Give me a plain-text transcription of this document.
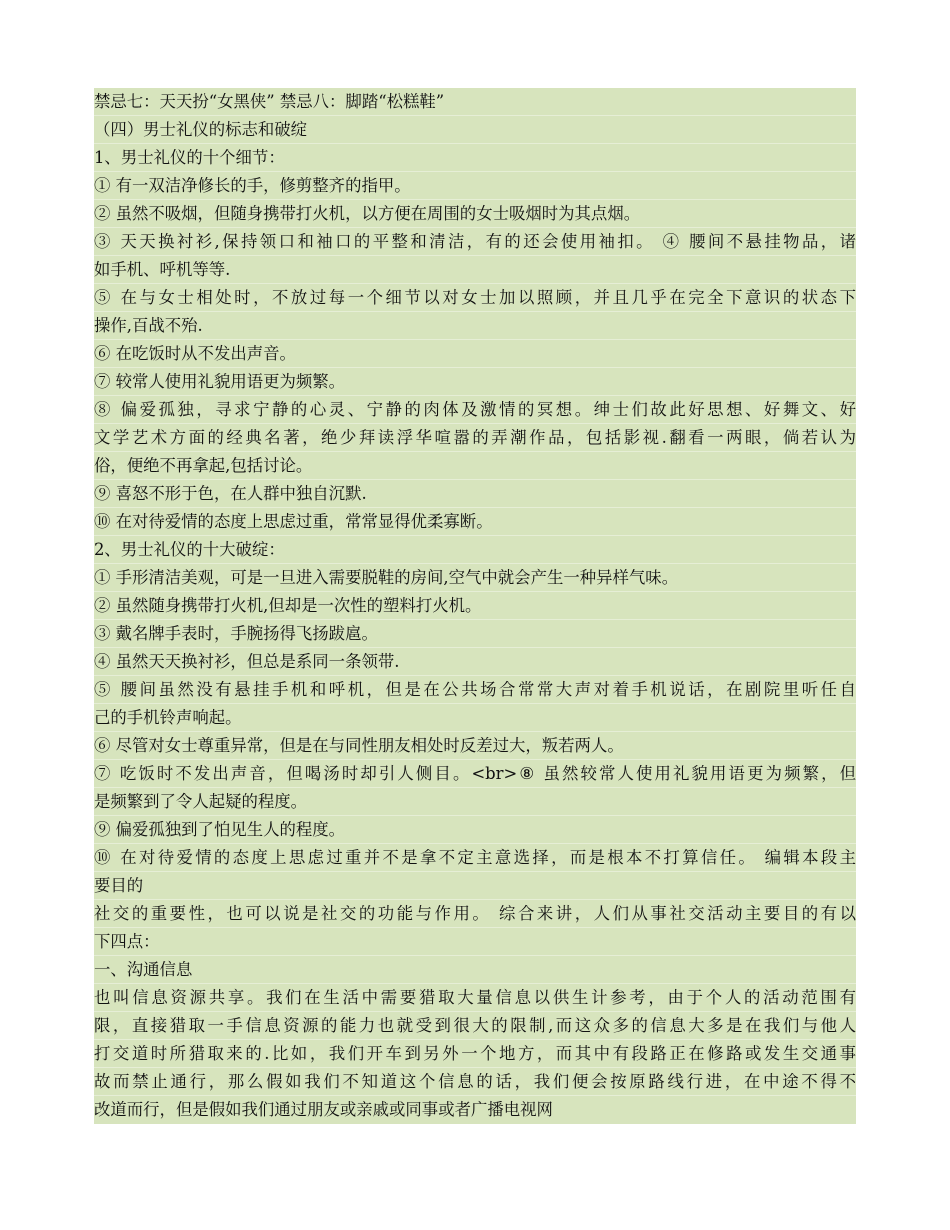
禁忌七：天天扮“女黑侠” 禁忌八：脚踏“松糕鞋”
（四）男士礼仪的标志和破绽
1、男士礼仪的十个细节：
① 有一双洁净修长的手，修剪整齐的指甲。
② 虽然不吸烟，但随身携带打火机，以方便在周围的女士吸烟时为其点烟。
③ 天天换衬衫,保持领口和袖口的平整和清洁，有的还会使用袖扣。 ④ 腰间不悬挂物品，诸
如手机、呼机等等.
⑤ 在与女士相处时，不放过每一个细节以对女士加以照顾，并且几乎在完全下意识的状态下
操作,百战不殆.
⑥ 在吃饭时从不发出声音。
⑦ 较常人使用礼貌用语更为频繁。
⑧ 偏爱孤独，寻求宁静的心灵、宁静的肉体及激情的冥想。绅士们故此好思想、好舞文、好
文学艺术方面的经典名著，绝少拜读浮华喧嚣的弄潮作品，包括影视.翻看一两眼，倘若认为
俗，便绝不再拿起,包括讨论。
⑨ 喜怒不形于色，在人群中独自沉默.
⑩ 在对待爱情的态度上思虑过重，常常显得优柔寡断。
2、男士礼仪的十大破绽：
① 手形清洁美观，可是一旦进入需要脱鞋的房间,空气中就会产生一种异样气味。
② 虽然随身携带打火机,但却是一次性的塑料打火机。
③ 戴名牌手表时，手腕扬得飞扬跋扈。
④ 虽然天天换衬衫，但总是系同一条领带.
⑤ 腰间虽然没有悬挂手机和呼机，但是在公共场合常常大声对着手机说话，在剧院里听任自
己的手机铃声响起。
⑥ 尽管对女士尊重异常，但是在与同性朋友相处时反差过大，叛若两人。
⑦ 吃饭时不发出声音，但喝汤时却引人侧目。<br>⑧ 虽然较常人使用礼貌用语更为频繁，但
是频繁到了令人起疑的程度。
⑨ 偏爱孤独到了怕见生人的程度。
⑩ 在对待爱情的态度上思虑过重并不是拿不定主意选择，而是根本不打算信任。 编辑本段主
要目的
社交的重要性，也可以说是社交的功能与作用。 综合来讲，人们从事社交活动主要目的有以
下四点：
一、沟通信息
也叫信息资源共享。我们在生活中需要猎取大量信息以供生计参考，由于个人的活动范围有
限，直接猎取一手信息资源的能力也就受到很大的限制,而这众多的信息大多是在我们与他人
打交道时所猎取来的.比如，我们开车到另外一个地方，而其中有段路正在修路或发生交通事
故而禁止通行，那么假如我们不知道这个信息的话，我们便会按原路线行进，在中途不得不
改道而行，但是假如我们通过朋友或亲戚或同事或者广播电视网
